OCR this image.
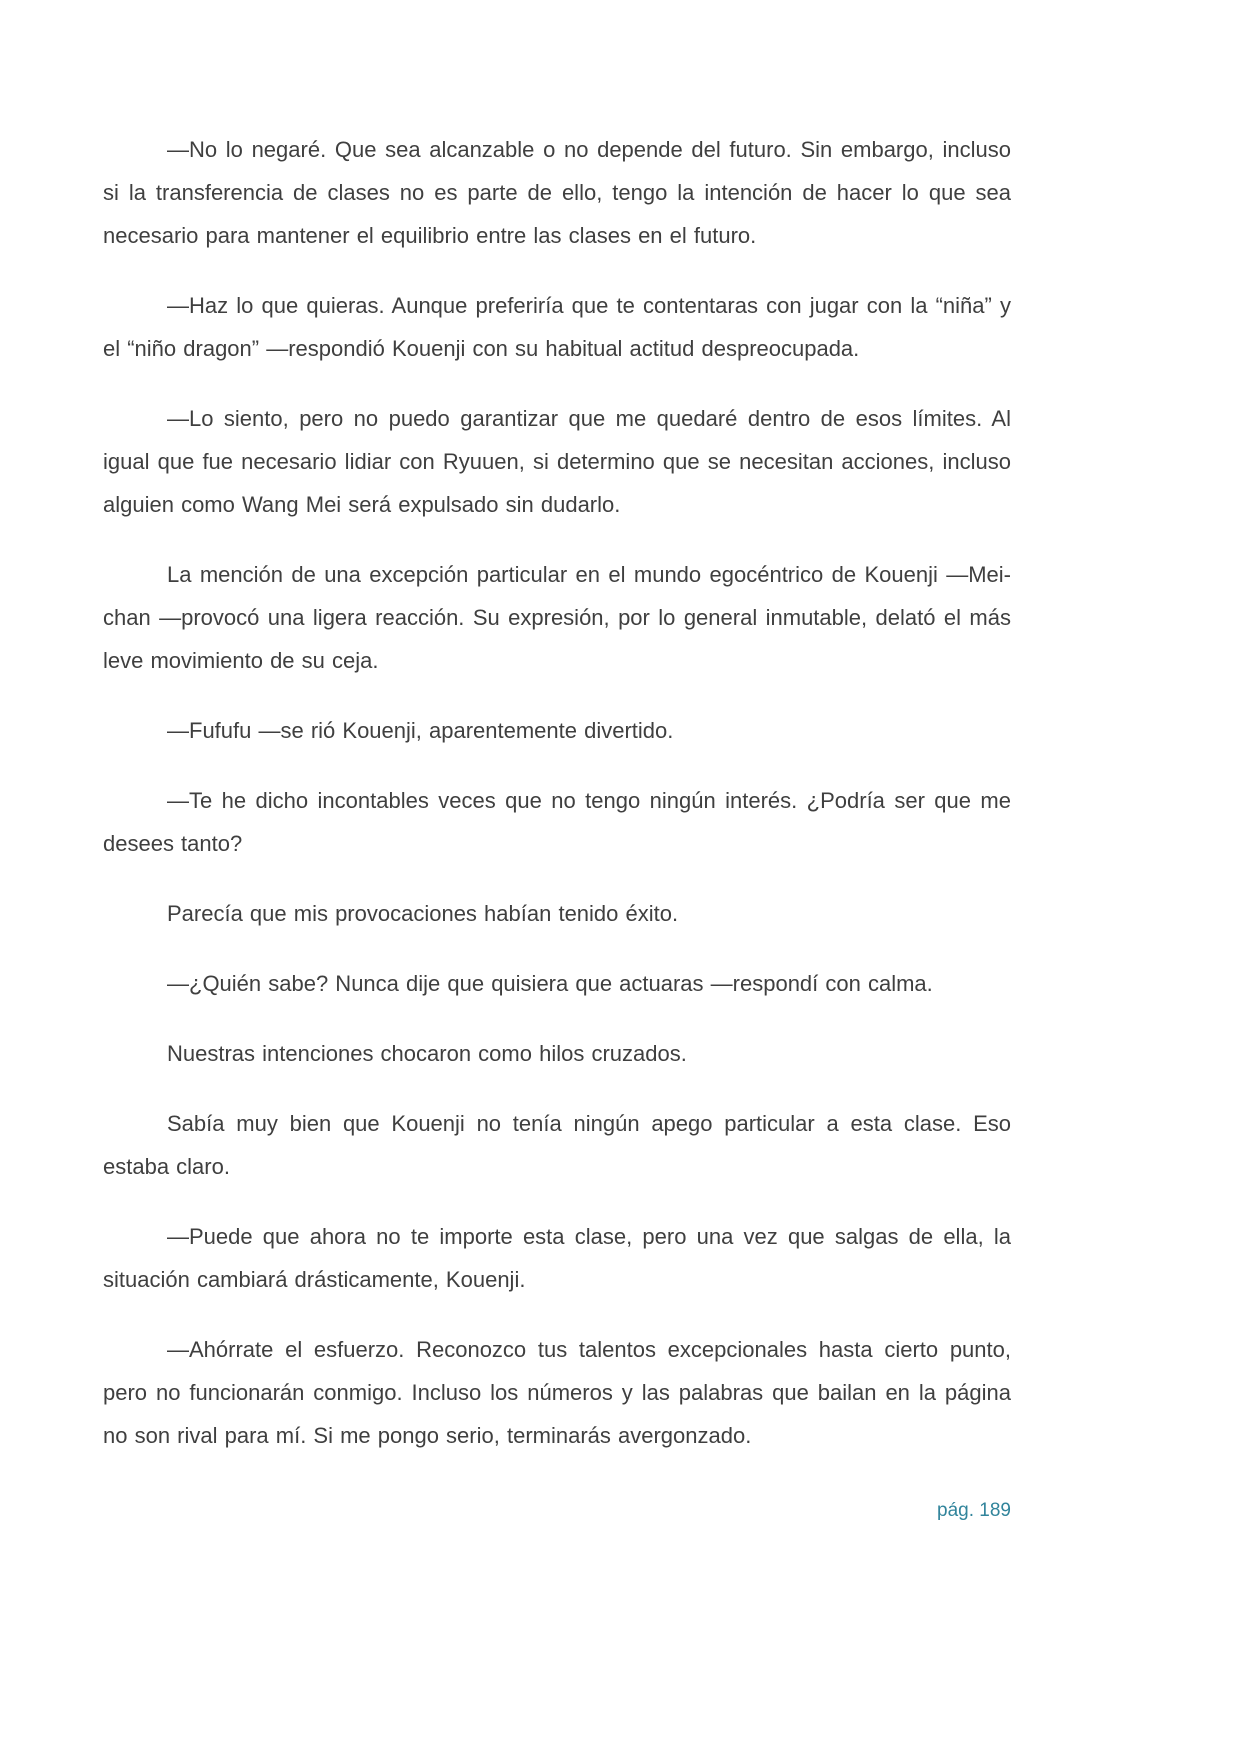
—No lo negaré. Que sea alcanzable o no depende del futuro. Sin embargo, incluso si la transferencia de clases no es parte de ello, tengo la intención de hacer lo que sea necesario para mantener el equilibrio entre las clases en el futuro.

—Haz lo que quieras. Aunque preferiría que te contentaras con jugar con la “niña” y el “niño dragon” —respondió Kouenji con su habitual actitud despreocupada.

—Lo siento, pero no puedo garantizar que me quedaré dentro de esos límites. Al igual que fue necesario lidiar con Ryuuen, si determino que se necesitan acciones, incluso alguien como Wang Mei será expulsado sin dudarlo.

La mención de una excepción particular en el mundo egocéntrico de Kouenji —Mei-chan —provocó una ligera reacción. Su expresión, por lo general inmutable, delató el más leve movimiento de su ceja.

—Fufufu —se rió Kouenji, aparentemente divertido.

—Te he dicho incontables veces que no tengo ningún interés. ¿Podría ser que me desees tanto?

Parecía que mis provocaciones habían tenido éxito.

—¿Quién sabe? Nunca dije que quisiera que actuaras —respondí con calma.

Nuestras intenciones chocaron como hilos cruzados.

Sabía muy bien que Kouenji no tenía ningún apego particular a esta clase. Eso estaba claro.

—Puede que ahora no te importe esta clase, pero una vez que salgas de ella, la situación cambiará drásticamente, Kouenji.

—Ahórrate el esfuerzo. Reconozco tus talentos excepcionales hasta cierto punto, pero no funcionarán conmigo. Incluso los números y las palabras que bailan en la página no son rival para mí. Si me pongo serio, terminarás avergonzado.

pág. 189
